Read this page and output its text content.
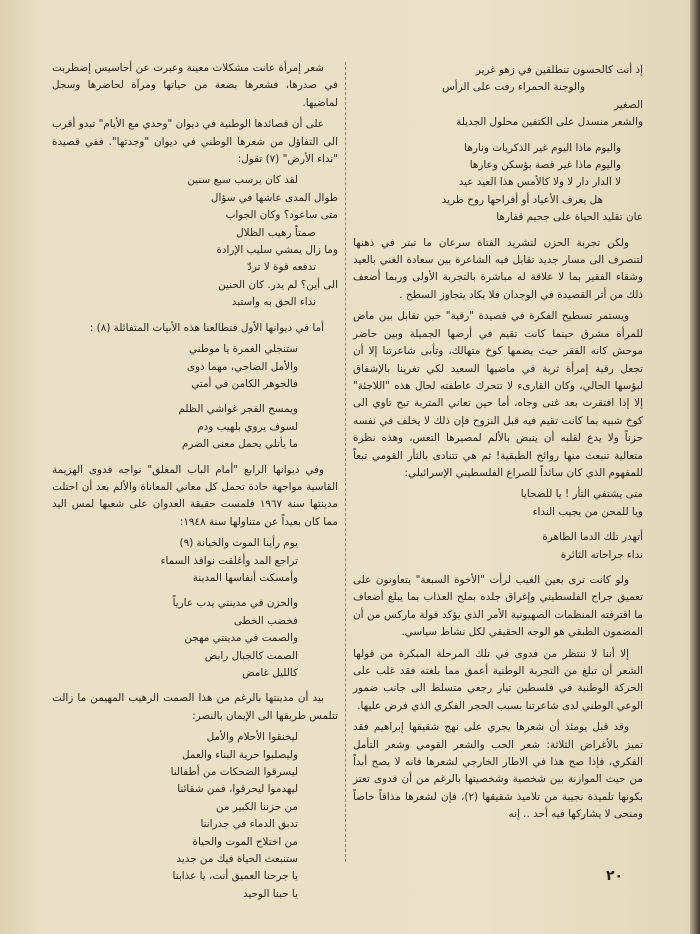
إذ أنت كالحسون تنطلقين في زهو غرير
والوجنة الحمراء رفت على الرأس
الصغير
والشعر منسدل على الكتفين محلول الجديلة
واليوم ماذا اليوم غير الذكريات ونارها
واليوم ماذا غير قصة بؤسكن وعارها
لا الدار دار لا ولا كالأمس هذا العيد عيد
هل يعرف الأعياد أو أفراحها روح طريد
عان تقليد الحياة على جحيم قفارها

ولكن تجربة الحزن لتشريد الفتاة سرعان ما تبتر في ذهنها لتنصرف الى مسار جديد تقابل فيه الشاعرة بين سعادة الغني بالعيد وشقاء الفقير بما لا علاقة له مباشرة بالتجربة الأولى وربما أضعف ذلك من أثر القصيدة في الوجدان فلا يكاد يتجاوز السطح .

ويستمر تسطيح الفكرة في قصيدة "رقية" حين تقابل بين ماض للمرأة مشرق حينما كانت تقيم في أرضها الجميلة وبين حاضر موحش كانه الفقر حيث يضمها كوخ متهالك، وتأبى شاعرتنا إلا أن تجعل رقية إمرأة ثرية في ماضيها السعيد لكي تغرينا بالإشفاق لبؤسها الحالي، وكان القارىء لا تتحرك عاطفته لحال هذه "اللاجئة" إلا إذا افتقرت بعد غنى وجاه، أما حين تعاني المتربة تبح تاوي الى كوخ شبيه بما كانت تقيم فيه قبل النزوح فإن ذلك لا يخلف في نفسه حزناً ولا يدع لقلبه أن ينبض بالألم لمصيرها التعس، وهذه نظرة متعالية تنبعث منها روائح الطبقية! ثم هي تتنادى بالثأر القومي تبعاً للمفهوم الذي كان سائداً للصراع الفلسطيني الإسرائيلي:

متى يشتفي الثأر ! يا للضحايا
ويا للمحن من يجيب النداء
أتهدر تلك الدما الطاهرة
نداء جراحاته الثائرة

ولو كانت ترى بعين الغيب لرأت "الأخوة السبعة" يتعاونون على تعميق جراح الفلسطيني وإغراق جلده بملح العذاب بما يبلغ أضعاف ما اقترفته المنظمات الصهيونية الأمر الذي يؤكد قولة ماركس من أن المضمون الطبقي هو الوجه الحقيقي لكل نشاط سياسي.

إلا أننا لا ننتظر من فدوى في تلك المرحلة المبكرة من قولها الشعر أن تبلغ من التجربة الوطنية أعمق مما بلغته فقد غلب على الحركة الوطنية في فلسطين تيار رجعي متسلط الى جانب ضمور الوعي الوطني لدى شاعرتنا بسبب الحجر الفكري الذي فرض عليها.

وقد قبل يومئذ أن شعرها يجري على نهج شقيقها إبراهيم فقد تميز بالأغراض الثلاثة: شعر الحب والشعر القومي وشعر التأمل الفكري، فإذا صح هذا في الاطار الخارجي لشعرها فانه لا يصح أبداً من حيث الموازنة بين شخصية وشخصيتها بالرغم من أن فدوى تعتز بكونها تلميذة نجيبة من تلاميذ شقيقها (٢)، فإن لشعرها مذاقاً خاصاً ومنحى لا يشاركها فيه أحد .. إنه

شعر إمرأة عانت مشكلات معينة وعبرت عن أحاسيس إضطربت في صدرها، فشعرها بضعة من حياتها ومرآة لحاضرها وسجل لماضيها.

على أن قصائدها الوطنية في ديوان "وحدي مع الأيام" تبدو أقرب الى التفاؤل من شعرها الوطني في ديوان "وجدتها". ففي قصيدة "نداء الأرض" (٧) تقول:

لقد كان يرسب سبع سنين
طوال المدى عاشها في سؤال
متى ساعود؟ وكان الجواب
صمتاً رهيب الظلال
وما زال يمشي سليب الإرادة
تدفعه قوة لا تردّ
الى أين؟ لم يدر. كان الحنين
نداء الحق به واستبد

أما في ديوانها الأول فتطالعنا هذه الأبيات المتفائلة (٨) :

ستنجلي الغمرة يا موطني
والأمل الضاحي، مهما ذوى
فالجوهر الكامن في أمتي
ويمسح الفجر غواشي الظلم
لسوف يروي بلهيب ودم
ما يأتلي يحمل معنى الضرم

وفي ديوانها الرابع "أمام الباب المغلق" نواجه فدوى الهزيمة القاسية مواجهة حادة تحمل كل معاني المعاناة والألم بعد أن احتلت مدينتها سنة ١٩٦٧ فلمست حقيقة العدوان على شعبها لمس اليد مما كان بعيداً عن متناولها سنة ١٩٤٨:

يوم رأينا الموت والخيانة (٩)
تراجع المد وأغلقت نوافذ السماء
وأمسكت أنفاسها المدينة
والحزن في مدينتي يدب عارياً
فخضب الخطى
والصمت في مدينتي مهجن
الصمت كالجبال رابض
كالليل غامض

بيد أن مدينتها بالرغم من هذا الصمت الرهيب المهيمن ما زالت تتلمس طريقها الى الإيمان بالنصر:

ليخنقوا الأحلام والأمل
وليصلبوا حرية البناء والعمل
ليسرقوا الضحكات من أطفالنا
ليهدموا ليحرقوا، فمن شقائنا
من حزننا الكبير من
تدبق الدماء في جدراننا
من اختلاج الموت والحياة
ستنبعث الحياة فيك من جديد
يا جرحنا العميق أنت، يا عذابنا
يا حبنا الوحيد
٢٠
